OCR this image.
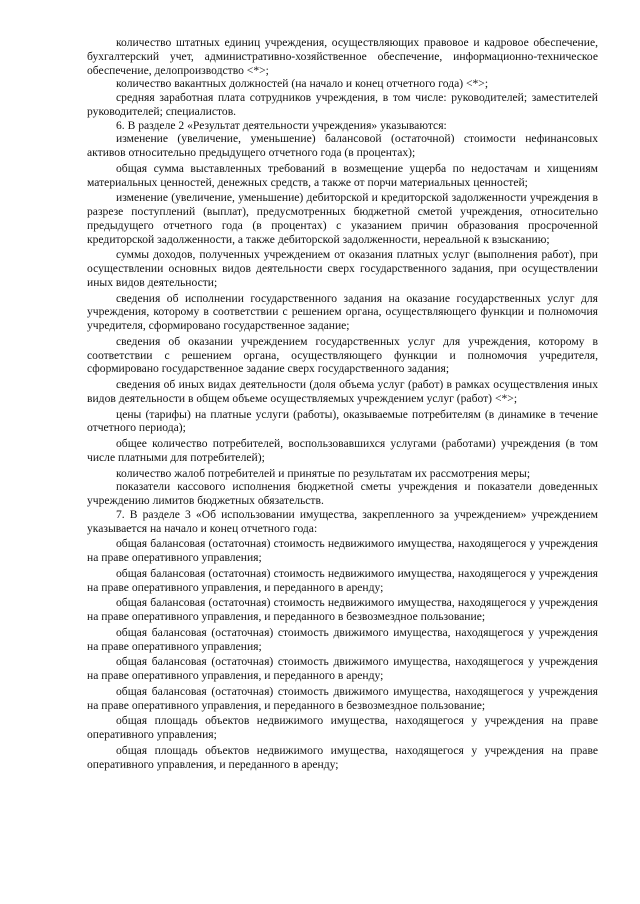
количество штатных единиц учреждения, осуществляющих правовое и кадровое обеспечение, бухгалтерский учет, административно-хозяйственное обеспечение, информационно-техническое обеспечение, делопроизводство <*>;

количество вакантных должностей (на начало и конец отчетного года) <*>;

средняя заработная плата сотрудников учреждения, в том числе: руководителей; заместителей руководителей; специалистов.

6. В разделе 2 «Результат деятельности учреждения» указываются:

изменение (увеличение, уменьшение) балансовой (остаточной) стоимости нефинансовых активов относительно предыдущего отчетного года (в процентах);

общая сумма выставленных требований в возмещение ущерба по недостачам и хищениям материальных ценностей, денежных средств, а также от порчи материальных ценностей;

изменение (увеличение, уменьшение) дебиторской и кредиторской задолженности учреждения в разрезе поступлений (выплат), предусмотренных бюджетной сметой учреждения, относительно предыдущего отчетного года (в процентах) с указанием причин образования просроченной кредиторской задолженности, а также дебиторской задолженности, нереальной к взысканию;

суммы доходов, полученных учреждением от оказания платных услуг (выполнения работ), при осуществлении основных видов деятельности сверх государственного задания, при осуществлении иных видов деятельности;

сведения об исполнении государственного задания на оказание государственных услуг для учреждения, которому в соответствии с решением органа, осуществляющего функции и полномочия учредителя, сформировано государственное задание;

сведения об оказании учреждением государственных услуг для учреждения, которому в соответствии с решением органа, осуществляющего функции и полномочия учредителя, сформировано государственное задание сверх государственного задания;

сведения об иных видах деятельности (доля объема услуг (работ) в рамках осуществления иных видов деятельности в общем объеме осуществляемых учреждением услуг (работ) <*>;

цены (тарифы) на платные услуги (работы), оказываемые потребителям (в динамике в течение отчетного периода);

общее количество потребителей, воспользовавшихся услугами (работами) учреждения (в том числе платными для потребителей);

количество жалоб потребителей и принятые по результатам их рассмотрения меры;

показатели кассового исполнения бюджетной сметы учреждения и показатели доведенных учреждению лимитов бюджетных обязательств.

7. В разделе 3 «Об использовании имущества, закрепленного за учреждением» учреждением указывается на начало и конец отчетного года:

общая балансовая (остаточная) стоимость недвижимого имущества, находящегося у учреждения на праве оперативного управления;

общая балансовая (остаточная) стоимость недвижимого имущества, находящегося у учреждения на праве оперативного управления, и переданного в аренду;

общая балансовая (остаточная) стоимость недвижимого имущества, находящегося у учреждения на праве оперативного управления, и переданного в безвозмездное пользование;

общая балансовая (остаточная) стоимость движимого имущества, находящегося у учреждения на праве оперативного управления;

общая балансовая (остаточная) стоимость движимого имущества, находящегося у учреждения на праве оперативного управления, и переданного в аренду;

общая балансовая (остаточная) стоимость движимого имущества, находящегося у учреждения на праве оперативного управления, и переданного в безвозмездное пользование;

общая площадь объектов недвижимого имущества, находящегося у учреждения на праве оперативного управления;

общая площадь объектов недвижимого имущества, находящегося у учреждения на праве оперативного управления, и переданного в аренду;
